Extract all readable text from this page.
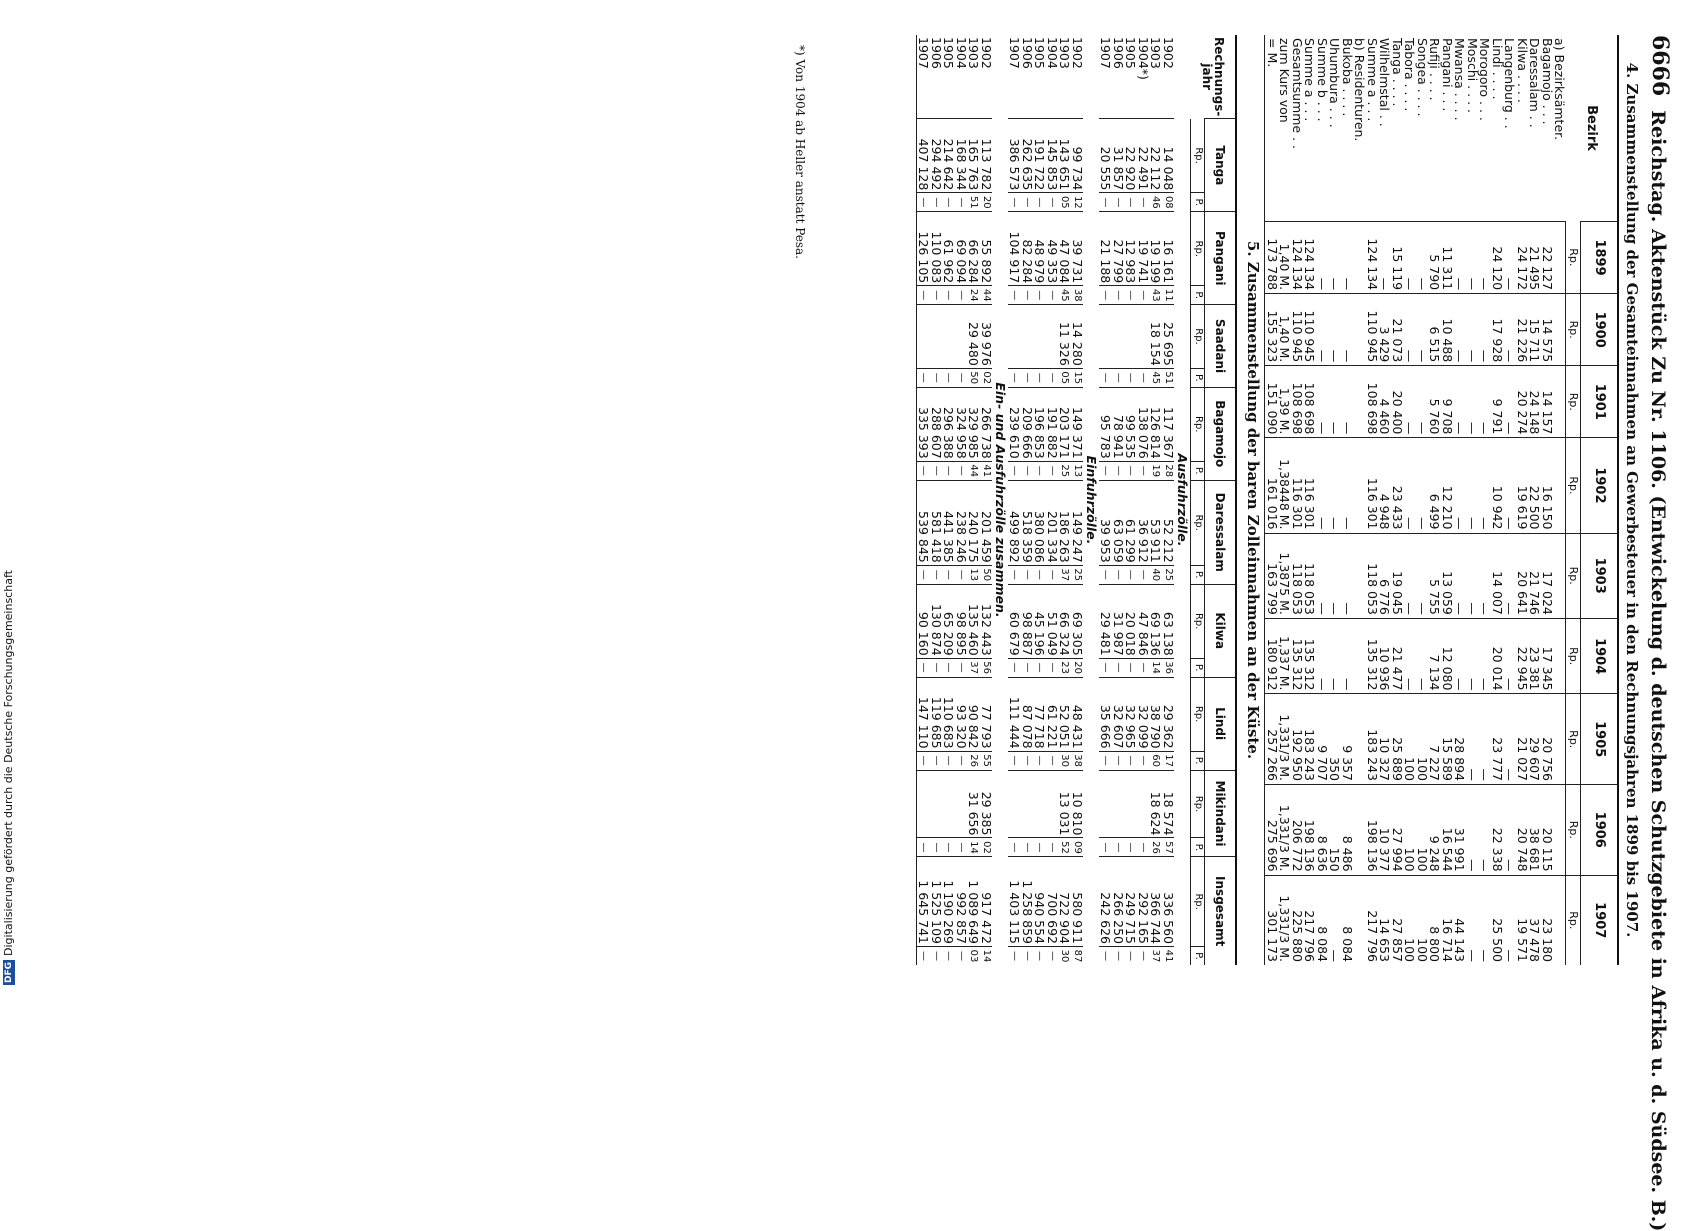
6666
Reichstag. Aktenstück Zu Nr. 1106. (Entwickelung d. deutschen Schutzgebiete in Afrika u. d. Südsee. B.)
4. Zusammenstellung der Gesamteinnahmen an Gewerbesteuer in den Rechnungsjahren 1899 bis 1907.
Bezirk	1899	1900	1901	1902	1903	1904	1905	1906	1907
	Rp.	Rp.	Rp.	Rp.	Rp.	Rp.	Rp.	Rp.	Rp.
a) Bezirksämter.									
Bagamojo . . .	22 127	14 575	14 157	16 150	17 024	17 345	20 756	20 115	23 180
Daressalam . .	21 495	15 711	24 148	22 500	21 746	23 381	29 607	38 681	37 478
Kilwa . . . .	24 172	21 226	20 274	19 619	20 641	22 945	21 027	20 748	19 571
Langenburg . .	—	—	—	—	—	—	—	—	—
Lindi . . . .	24 120	17 928	9 791	10 942	14 007	20 014	23 777	22 338	25 500
Morogoro . . .	—	—	—	—	—	—	—	—	—
Moschi . . . .	—	—	—	—	—	—	—	—	—
Mwansa . . . .	—	—	—	—	—	—	28 894	31 991	44 143
Pangani . . .	11 311	10 488	9 708	12 210	13 059	12 080	15 589	16 544	16 714
Rufiji . . . .	5 790	6 515	5 760	6 499	5 755	7 134	7 227	9 248	8 800
Songea . . . .	—	—	—	—	—	—	100	100	100
Tabora . . . .	—	—	—	—	—	—	100	100	100
Tanga . . . .	15 119	21 073	20 400	23 433	19 045	21 477	25 889	27 994	27 857
Wilhelmstal . .	—	3 429	4 460	4 948	6 776	10 936	10 327	10 377	14 653
Summe a . . .	124 134	110 945	108 698	116 301	118 053	135 312	183 243	198 136	217 796
b) Residenturen.									
Bukoba . . . .	—	—	—	—	—	—	9 357	8 486	8 084
Uhumbura . . .	—	—	—	—	—	—	350	150	—
Summe b . . .	—	—	—	—	—	—	9 707	8 636	8 084
Summe a . . .	124 134	110 945	108 698	116 301	118 053	135 312	183 243	198 136	217 796
Gesamtsumme . .	124 134	110 945	108 698	116 301	118 053	135 312	192 950	206 772	225 880
zum Kurs von	1,40 M.	1,40 M.	1,39 M.	1,38448 M.	1,3875 M.	1,337 M.	1,331/3 M.	1,331/3 M.	1,331/3 M.
= M.	173 788	155 323	151 090	161 016	163 799	180 912	257 266	275 696	301 173
5. Zusammenstellung der baren Zolleinnahmen an der Küste.
Rechnungs-jahr	Tanga		Pangani		Saadani		Bagamojo		Daressalam		Kilwa		Lindi		Mikindani		Insgesamt	
	Rp.	P.	Rp.	P.	Rp.	P.	Rp.	P.	Rp.	P.	Rp.	P.	Rp.	P.	Rp.	P.	Rp.	P.
Ausfuhrzölle.																		
1902	14 048	08	16 161	11	25 695	51	117 367	28	52 212	25	63 138	36	29 362	17	18 574	57	336 560	41
1903	22 112	46	19 199	43	18 154	45	126 814	19	53 911	40	69 136	14	38 790	60	18 624	26	366 744	37
1904*)	22 491	—	19 741	—		—	138 076	—	36 912	—	47 846	—	32 099	—		—	292 165	—
1905	22 920	—	12 983	—		—	99 535	—	61 299	—	20 018	—	32 965	—		—	249 715	—
1906	31 857	—	27 799	—		—	78 941	—	63 059	—	31 987	—	32 607	—		—	266 250	—
1907	20 555	—	21 188	—		—	95 783	—	39 953	—	29 481	—	35 666	—		—	242 626	—
Einfuhrzölle.																		
1902	99 734	12	39 731	38	14 280	15	149 371	13	149 247	25	69 305	20	48 431	38	10 810	09	580 911	87
1903	143 651	05	47 084	45	11 326	05	203 171	25	186 263	37	66 324	23	52 051	30	13 031	52	722 904	30
1904	145 853	—	49 353	—		—	191 882	—	201 334	—	51 049	—	61 221	—		—	700 692	—
1905	191 722	—	48 979	—		—	196 853	—	380 086	—	45 196	—	77 718	—		—	940 554	—
1906	262 635	—	82 284	—		—	209 666	—	518 359	—	98 887	—	87 078	—		—	1 258 859	—
1907	386 573	—	104 917	—		—	239 610	—	499 892	—	60 679	—	111 444	—		—	1 403 115	—
Ein- und Ausfuhrzölle zusammen.																		
1902	113 782	20	55 892	44	39 976	02	266 738	41	201 459	50	132 443	56	77 793	55	29 385	02	917 472	14
1903	165 763	51	66 284	24	29 480	50	329 985	44	240 175	13	135 460	37	90 842	26	31 656	14	1 089 649	03
1904	168 344	—	69 094	—		—	324 958	—	238 246	—	98 895	—	93 320	—		—	992 857	—
1905	214 642	—	61 962	—		—	296 388	—	441 385	—	65 209	—	110 683	—		—	1 190 269	—
1906	294 492	—	110 083	—		—	288 607	—	581 418	—	130 874	—	119 685	—		—	1 525 109	—
1907	407 128	—	126 105	—		—	335 393	—	539 845	—	90 160	—	147 110	—		—	1 645 741	—
*) Von 1904 ab Heller anstatt Pesa.
DFG
Digitalisierung gefördert durch die Deutsche Forschungsgemeinschaft
